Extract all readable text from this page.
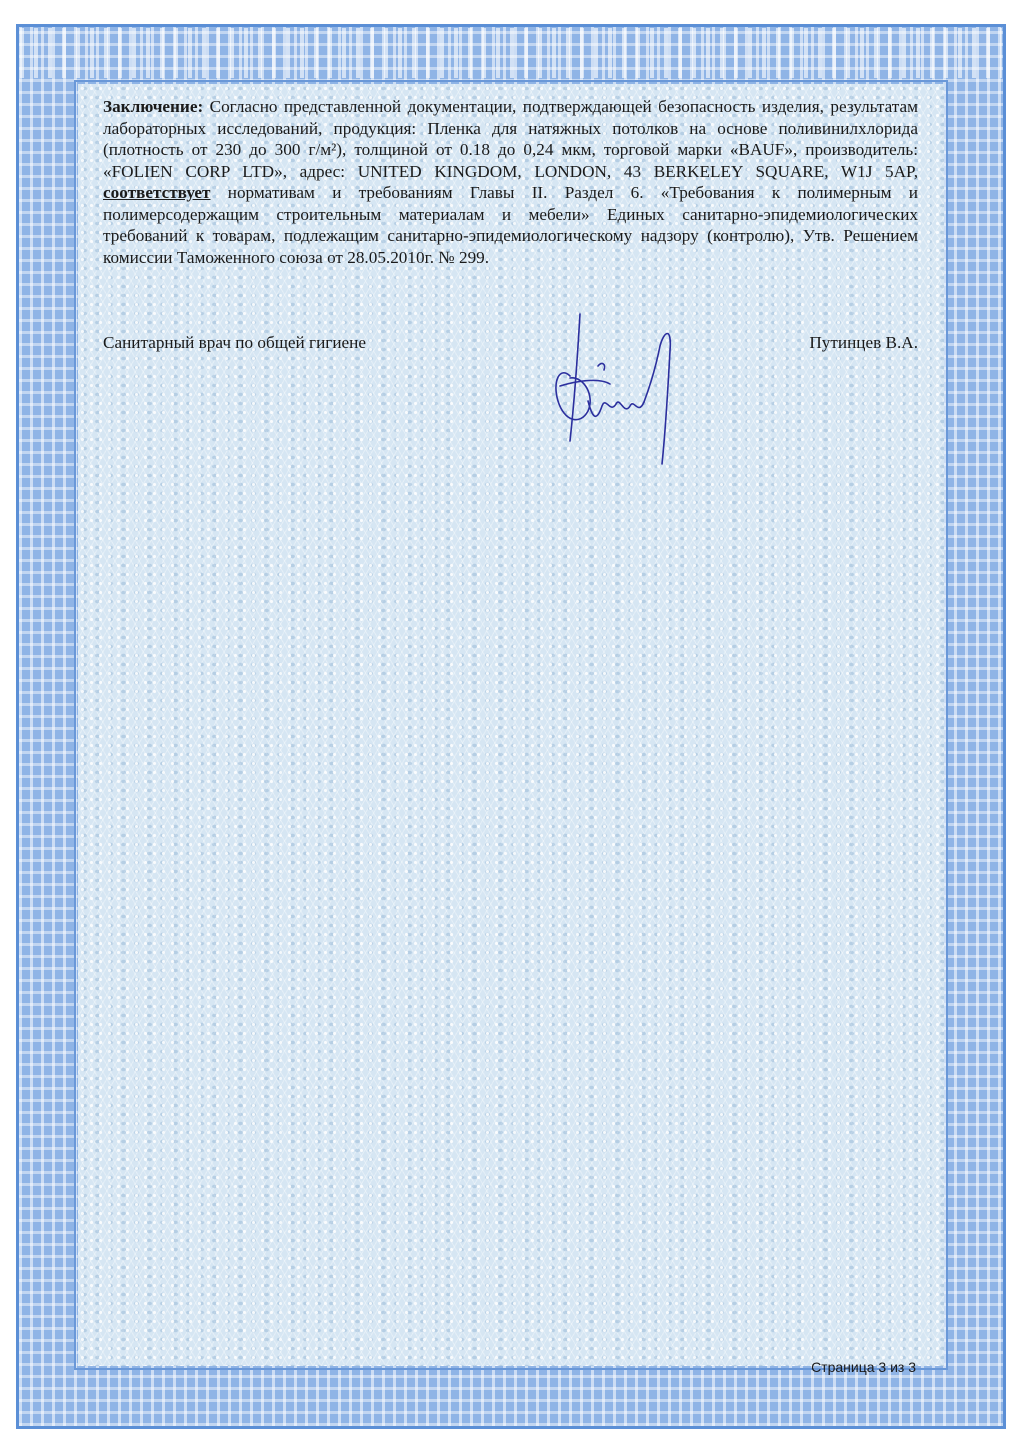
Заключение: Согласно представленной документации, подтверждающей безопасность изделия, результатам лабораторных исследований, продукция: Пленка для натяжных потолков на основе поливинилхлорида (плотность от 230 до 300 г/м²), толщиной от 0.18 до 0,24 мкм, торговой марки «BAUF», производитель: «FOLIEN CORP LTD», адрес: UNITED KINGDOM, LONDON, 43 BERKELEY SQUARE, W1J 5AP, соответствует нормативам и требованиям Главы II. Раздел 6. «Требования к полимерным и полимерсодержащим строительным материалам и мебели» Единых санитарно-эпидемиологических требований к товарам, подлежащим санитарно-эпидемиологическому надзору (контролю), Утв. Решением комиссии Таможенного союза от 28.05.2010г. № 299.
Санитарный врач по общей гигиене	Путинцев В.А.
Страница 3 из 3
